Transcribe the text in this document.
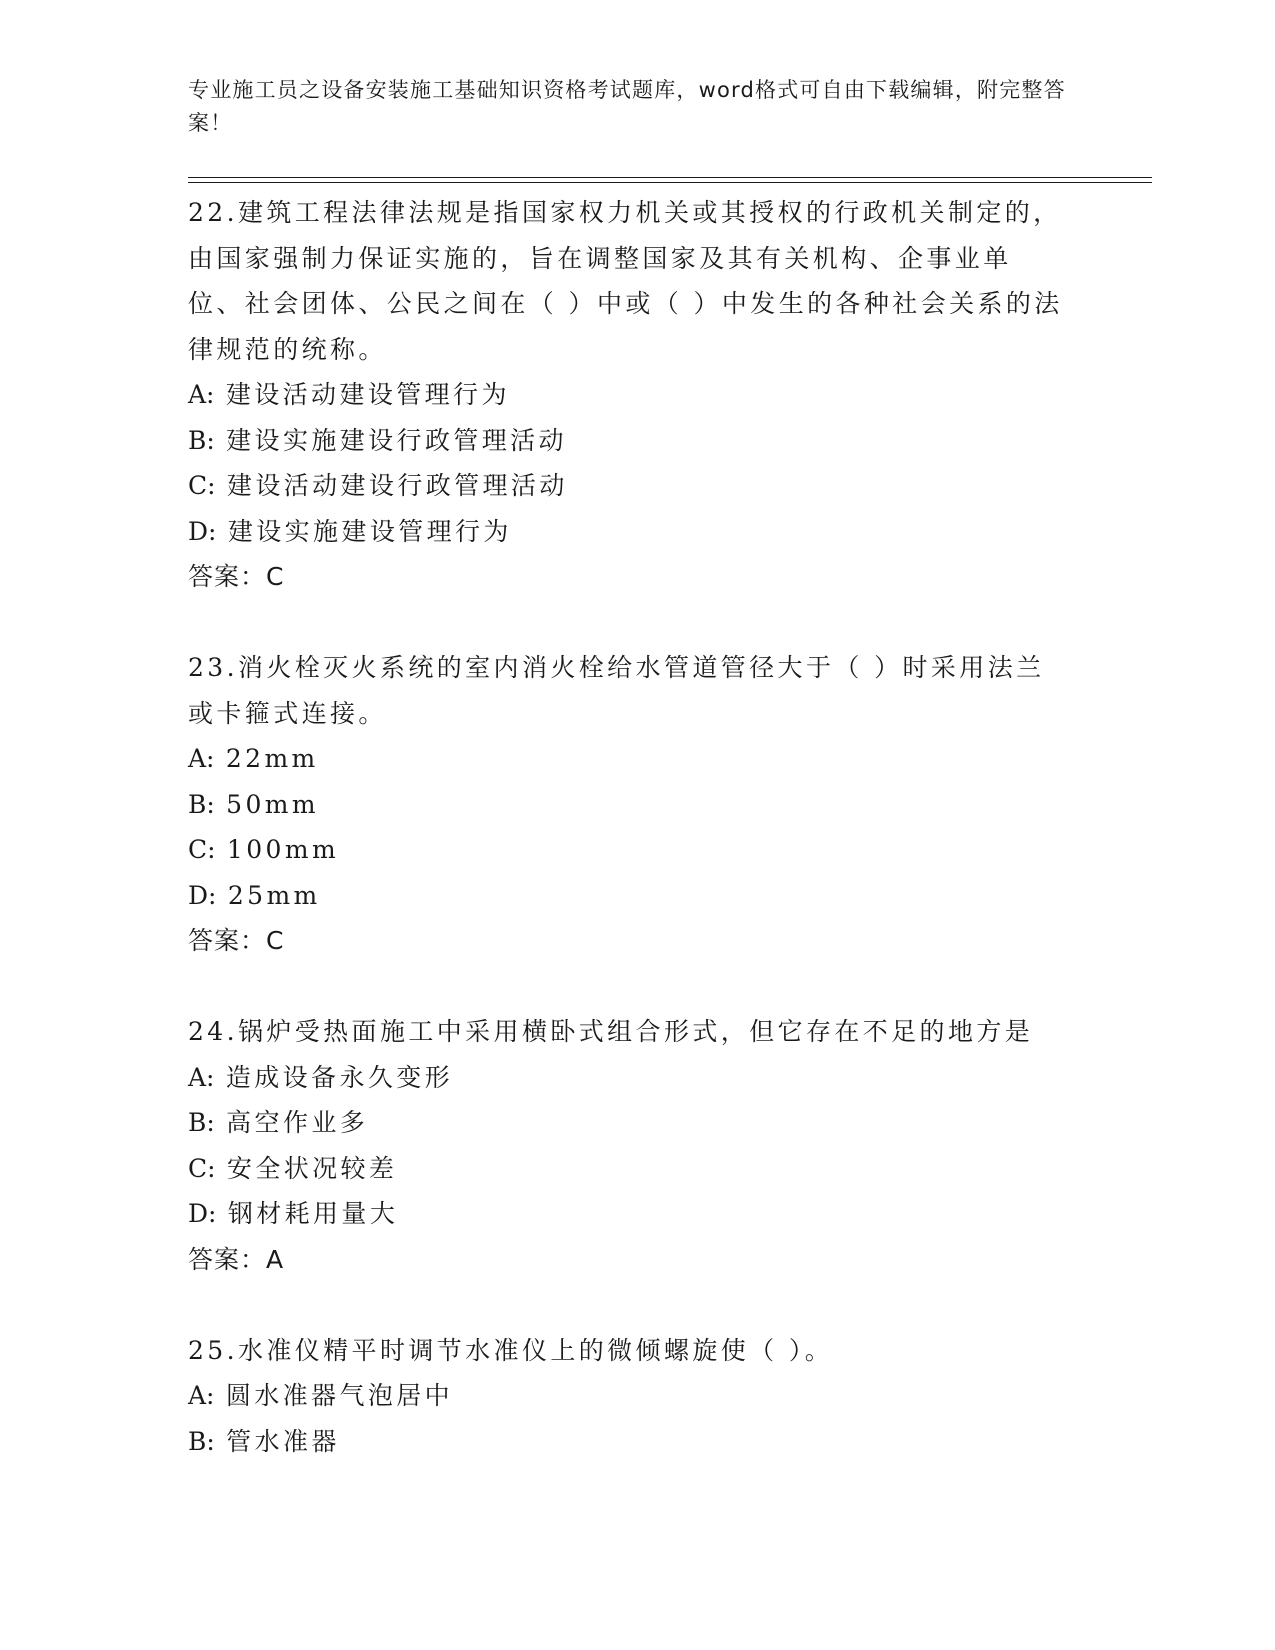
专业施工员之设备安装施工基础知识资格考试题库，word格式可自由下载编辑，附完整答案！

22.建筑工程法律法规是指国家权力机关或其授权的行政机关制定的，由国家强制力保证实施的，旨在调整国家及其有关机构、企事业单位、社会团体、公民之间在（ ）中或（ ）中发生的各种社会关系的法律规范的统称。

A: 建设活动建设管理行为

B: 建设实施建设行政管理活动

C: 建设活动建设行政管理活动

D: 建设实施建设管理行为

答案：C

23.消火栓灭火系统的室内消火栓给水管道管径大于（ ）时采用法兰或卡箍式连接。

A: 22mm

B: 50mm

C: 100mm

D: 25mm

答案：C

24.锅炉受热面施工中采用横卧式组合形式，但它存在不足的地方是

A: 造成设备永久变形

B: 高空作业多

C: 安全状况较差

D: 钢材耗用量大

答案：A

25.水准仪精平时调节水准仪上的微倾螺旋使（ ）。

A: 圆水准器气泡居中

B: 管水准器
